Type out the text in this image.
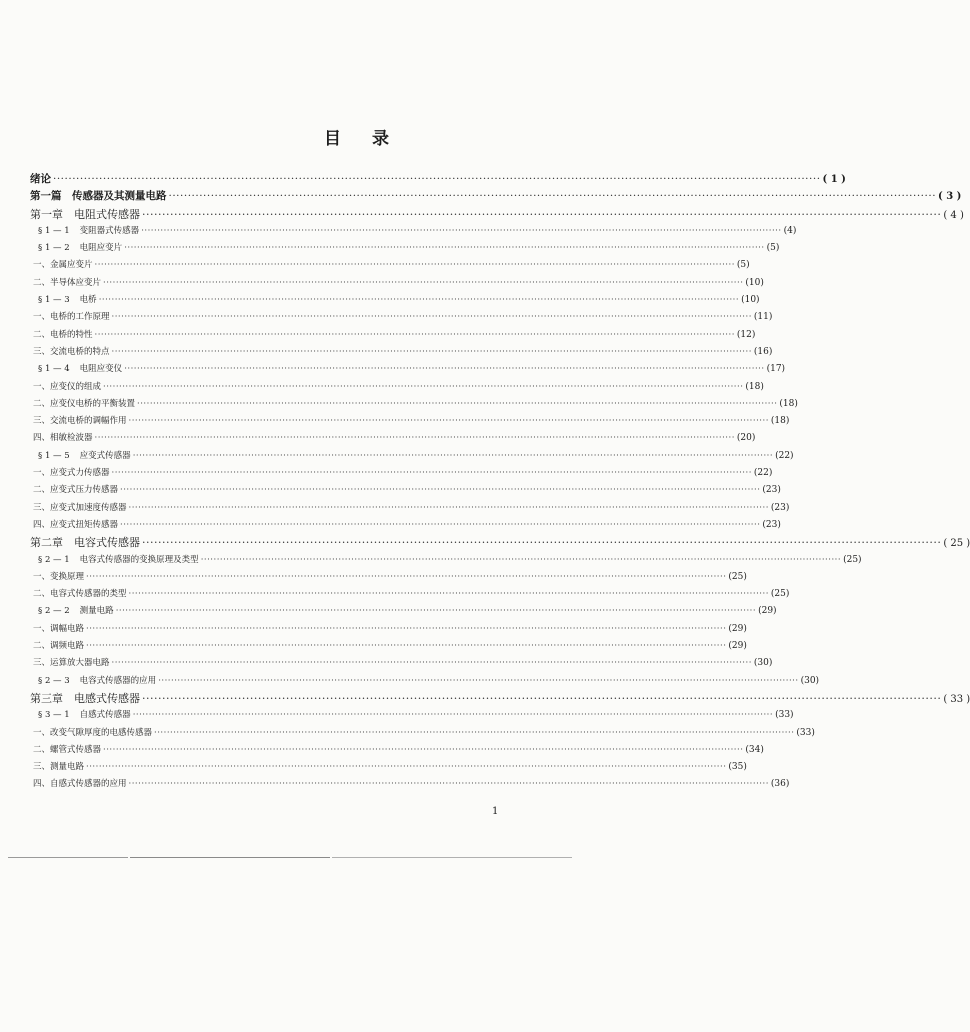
目 录
绪论 ········································································································································································································ ( 1 )
第一篇　传感器及其测量电路 ········································································································································································································ ( 3 )
第一章　电阻式传感器 ········································································································································································································ ( 4 )
§ 1 — 1 变阻器式传感器 ········································································································································································································ (4)
§ 1 — 2 电阻应变片 ········································································································································································································ (5)
一、金属应变片 ········································································································································································································ (5)
二、半导体应变片 ········································································································································································································ (10)
§ 1 — 3 电桥 ········································································································································································································ (10)
一、电桥的工作原理 ········································································································································································································ (11)
二、电桥的特性 ········································································································································································································ (12)
三、交流电桥的特点 ········································································································································································································ (16)
§ 1 — 4 电阻应变仪 ········································································································································································································ (17)
一、应变仪的组成 ········································································································································································································ (18)
二、应变仪电桥的平衡装置 ········································································································································································································ (18)
三、交流电桥的调幅作用 ········································································································································································································ (18)
四、相敏检波器 ········································································································································································································ (20)
§ 1 — 5 应变式传感器 ········································································································································································································ (22)
一、应变式力传感器 ········································································································································································································ (22)
二、应变式压力传感器 ········································································································································································································ (23)
三、应变式加速度传感器 ········································································································································································································ (23)
四、应变式扭矩传感器 ········································································································································································································ (23)
第二章　电容式传感器 ········································································································································································································ ( 25 )
§ 2 — 1 电容式传感器的变换原理及类型 ········································································································································································································ (25)
一、变换原理 ········································································································································································································ (25)
二、电容式传感器的类型 ········································································································································································································ (25)
§ 2 — 2 测量电路 ········································································································································································································ (29)
一、调幅电路 ········································································································································································································ (29)
二、调频电路 ········································································································································································································ (29)
三、运算放大器电路 ········································································································································································································ (30)
§ 2 — 3 电容式传感器的应用 ········································································································································································································ (30)
第三章　电感式传感器 ········································································································································································································ ( 33 )
§ 3 — 1 自感式传感器 ········································································································································································································ (33)
一、改变气隙厚度的电感传感器 ········································································································································································································ (33)
二、螺管式传感器 ········································································································································································································ (34)
三、测量电路 ········································································································································································································ (35)
四、自感式传感器的应用 ········································································································································································································ (36)
1
